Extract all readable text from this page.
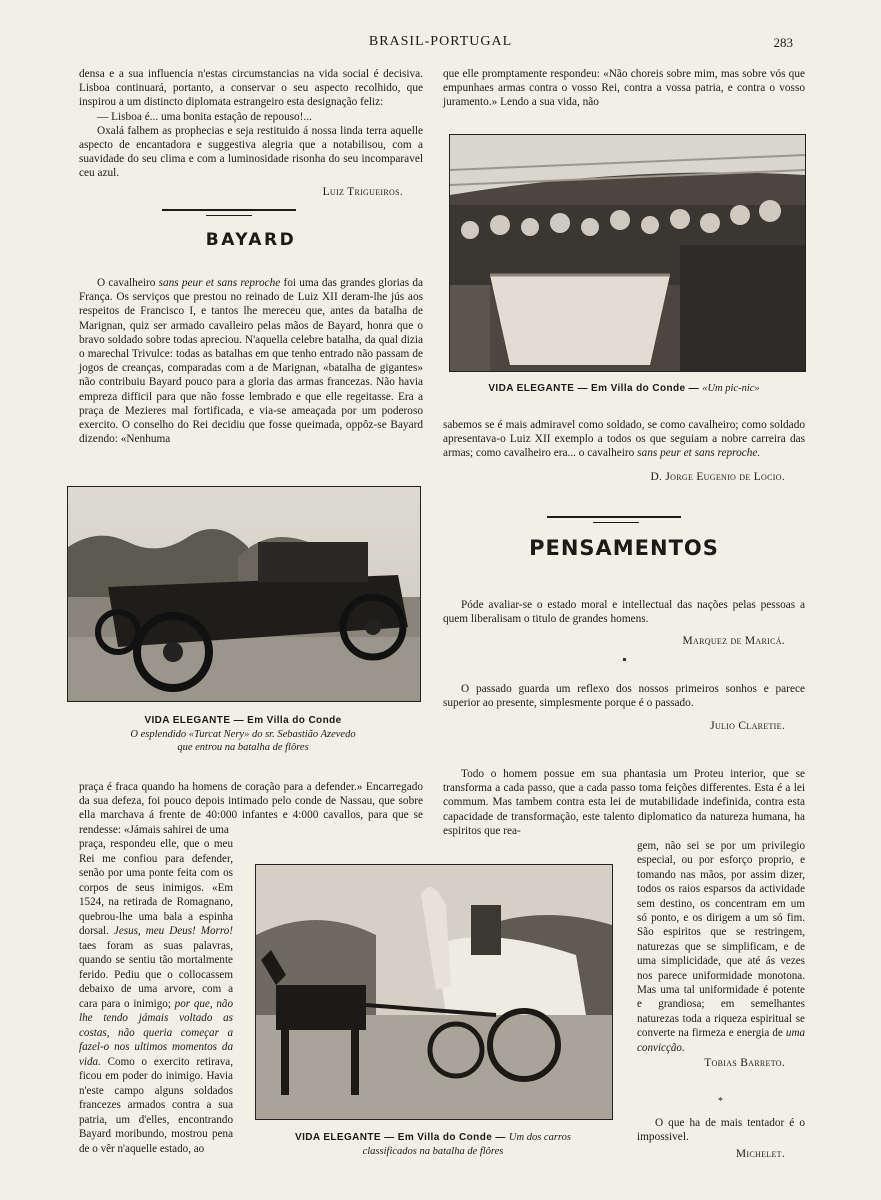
BRASIL-PORTUGAL	283

densa e a sua influencia n'estas circumstancias na vida social é decisiva. Lisboa continuará, portanto, a conservar o seu aspecto recolhido, que inspirou a um distincto diplomata estrangeiro esta designação feliz:

— Lisboa é... uma bonita estação de repouso!...

Oxalá falhem as prophecias e seja restituido á nossa linda terra aquelle aspecto de encantadora e suggestiva alegria que a notabilisou, com a suavidade do seu clima e com a luminosidade risonha do seu incomparavel ceu azul.

Luiz Trigueiros.

BAYARD

O cavalheiro sans peur et sans reproche foi uma das grandes glorias da França. Os serviços que prestou no reinado de Luiz XII deram-lhe jús aos respeitos de Francisco I, e tantos lhe mereceu que, antes da batalha de Marignan, quiz ser armado cavalleiro pelas mãos de Bayard, honra que o bravo soldado sobre todas apreciou. N'aquella celebre batalha, da qual dizia o marechal Trivulce: todas as batalhas em que tenho entrado não passam de jogos de creanças, comparadas com a de Marignan, «batalha de gigantes» não contribuiu Bayard pouco para a gloria das armas francezas. Não havia empreza difficil para que não fosse lembrado e que elle regeitasse. Era a praça de Mezieres mal fortificada, e via-se ameaçada por um poderoso exercito. O conselho do Rei decidiu que fosse queimada, oppôz-se Bayard dizendo: «Nenhuma

VIDA ELEGANTE — Em Villa do Conde

O esplendido «Turcat Nery» do sr. Sebastião Azevedo

que entrou na batalha de flôres

praça é fraca quando ha homens de coração para a defender.» Encarregado da sua defeza, foi pouco depois intimado pelo conde de Nassau, que sobre ella marchava á frente de 40:000 infantes e 4:000 cavallos, para que se rendesse: «Jámais sahirei de uma

praça, respondeu elle, que o meu Rei me confiou para defender, senão por uma ponte feita com os corpos de seus inimigos. «Em 1524, na retirada de Romagnano, quebrou-lhe uma bala a espinha dorsal. Jesus, meu Deus! Morro! taes foram as suas palavras, quando se sentiu tão mortalmente ferido. Pediu que o collocassem debaixo de uma arvore, com a cara para o inimigo; por que, não lhe tendo jámais voltado as costas, não queria começar a fazel-o nos ultimos momentos da vida. Como o exercito retirava, ficou em poder do inimigo. Havia n'este campo alguns soldados francezes armados contra a sua patria, um d'elles, encontrando Bayard moribundo, mostrou pena de o vêr n'aquelle estado, ao

que elle promptamente respondeu: «Não choreis sobre mim, mas sobre vós que empunhaes armas contra o vosso Rei, contra a vossa patria, e contra o vosso juramento.» Lendo a sua vida, não

VIDA ELEGANTE — Em Villa do Conde — «Um pic-nic»

sabemos se é mais admiravel como soldado, se como cavalheiro; como soldado apresentava-o Luiz XII exemplo a todos os que seguiam a nobre carreira das armas; como cavalheiro era... o cavalheiro sans peur et sans reproche.

D. Jorge Eugenio de Locio.

PENSAMENTOS

Póde avaliar-se o estado moral e intellectual das nações pelas pessoas a quem liberalisam o titulo de grandes homens.

Marquez de Maricá.

O passado guarda um reflexo dos nossos primeiros sonhos e parece superior ao presente, simplesmente porque é o passado.

Julio Claretie.

Todo o homem possue em sua phantasia um Proteu interior, que se transforma a cada passo, que a cada passo toma feições differentes. Esta é a lei commum. Mas tambem contra esta lei de mutabilidade indefinida, contra esta capacidade de transformação, este talento diplomatico da natureza humana, ha espiritos que rea-

gem, não sei se por um privilegio especial, ou por esforço proprio, e tomando nas mãos, por assim dizer, todos os raios esparsos da actividade sem destino, os concentram em um só ponto, e os dirigem a um só fim. São espiritos que se restringem, naturezas que se simplificam, e de uma simplicidade, que até ás vezes nos parece uniformidade monotona. Mas uma tal uniformidade é potente e grandiosa; em semelhantes naturezas toda a riqueza espiritual se converte na firmeza e energia de uma convicção.

Tobias Barreto.

*

O que ha de mais tentador é o impossivel.

Michelet.

VIDA ELEGANTE — Em Villa do Conde — Um dos carros

classificados na batalha de flôres
